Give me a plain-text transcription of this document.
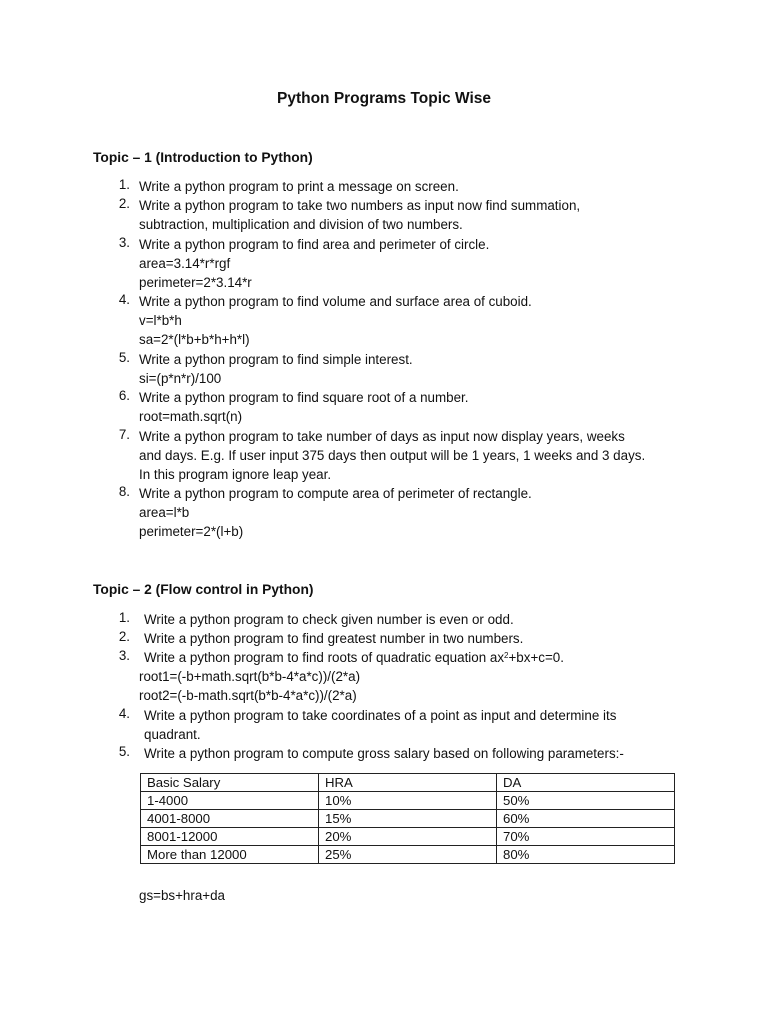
Python Programs Topic Wise
Topic – 1 (Introduction to Python)
1. Write a python program to print a message on screen.
2. Write a python program to take two numbers as input now find summation,
subtraction, multiplication and division of two numbers.
3. Write a python program to find area and perimeter of circle.
area=3.14*r*rgf
perimeter=2*3.14*r
4. Write a python program to find volume and surface area of cuboid.
v=l*b*h
sa=2*(l*b+b*h+h*l)
5. Write a python program to find simple interest.
si=(p*n*r)/100
6. Write a python program to find square root of a number.
root=math.sqrt(n)
7. Write a python program to take number of days as input now display years, weeks
and days. E.g. If user input 375 days then output will be 1 years, 1 weeks and 3 days.
In this program ignore leap year.
8. Write a python program to compute area of perimeter of rectangle.
area=l*b
perimeter=2*(l+b)
Topic – 2 (Flow control in Python)
1. Write a python program to check given number is even or odd.
2. Write a python program to find greatest number in two numbers.
3. Write a python program to find roots of quadratic equation $ax^2+bx+c=0$.
root1=(-b+math.sqrt(b*b-4*a*c))/(2*a)
root2=(-b-math.sqrt(b*b-4*a*c))/(2*a)
4. Write a python program to take coordinates of a point as input and determine its
quadrant.
5. Write a python program to compute gross salary based on following parameters:-
Basic Salary	HRA	DA
1-4000	10%	50%
4001-8000	15%	60%
8001-12000	20%	70%
More than 12000	25%	80%
gs=bs+hra+da
